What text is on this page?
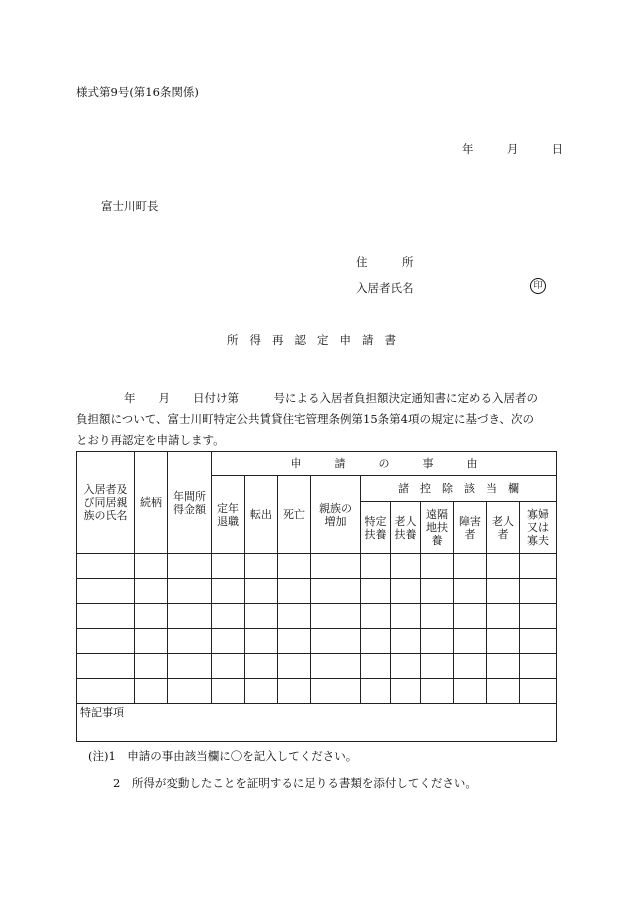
様式第9号(第16条関係)
年	月	日
富士川町長
住　　　所
入居者氏名	印
所得再認定申請書

年　　月　　日付け第　　　号による入居者負担額決定通知書に定める入居者の

負担額について、富士川町特定公共賃貸住宅管理条例第15条第4項の規定に基づき、次の

とおり再認定を申請します。

入居者及び同居親族の氏名	続柄	年間所得金額	申　　　請　　　の　　　事　　　由									
			定年退職	転出	死亡	親族の増加	諸　控　除　該　当　欄					
							特定扶養	老人扶養	遠隔地扶養	障害者	老人者	寡婦又は寡夫

特記事項												
(注)1　申請の事由該当欄に〇を記入してください。
2　所得が変動したことを証明するに足りる書類を添付してください。
